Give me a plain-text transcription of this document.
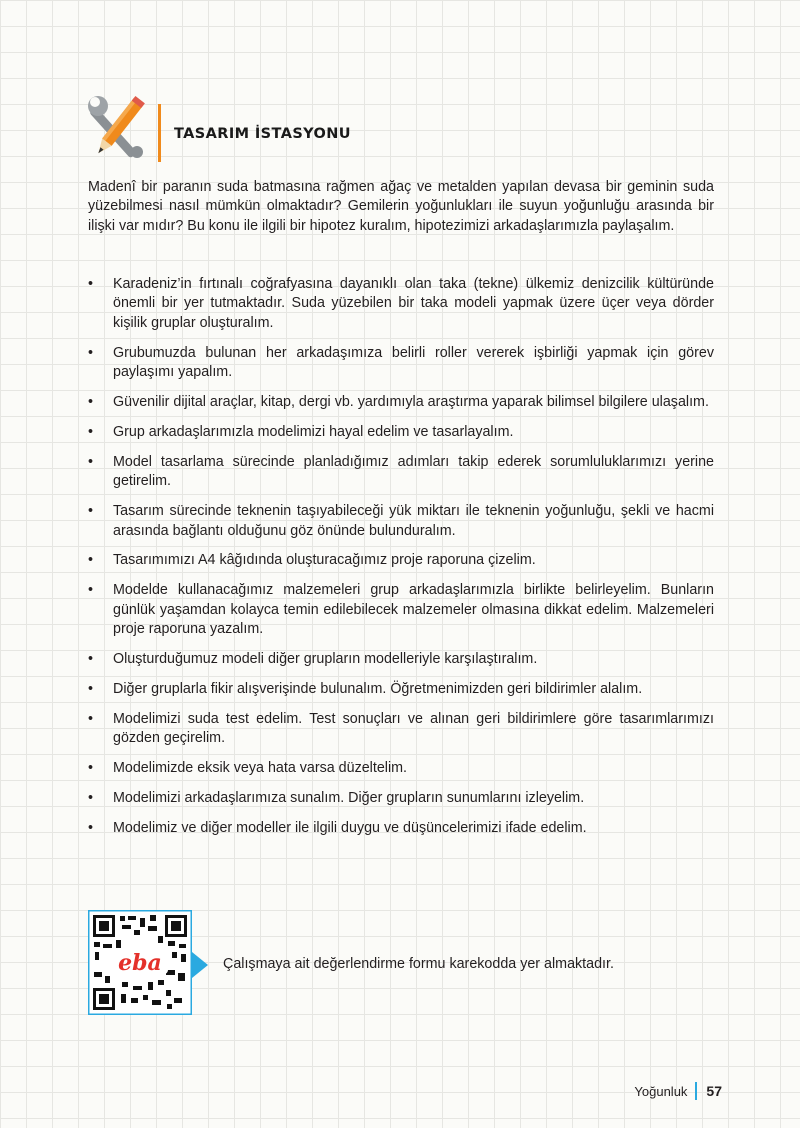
TASARIM İSTASYONU

Madenî bir paranın suda batmasına rağmen ağaç ve metalden yapılan devasa bir geminin suda yüzebilmesi nasıl mümkün olmaktadır? Gemilerin yoğunlukları ile suyun yoğunluğu arasında bir ilişki var mıdır? Bu konu ile ilgili bir hipotez kuralım, hipotezimizi arkadaşlarımızla paylaşalım.

• Karadeniz’in fırtınalı coğrafyasına dayanıklı olan taka (tekne) ülkemiz denizcilik kültüründe önemli bir yer tutmaktadır. Suda yüzebilen bir taka modeli yapmak üzere üçer veya dörder kişilik gruplar oluşturalım.
• Grubumuzda bulunan her arkadaşımıza belirli roller vererek işbirliği yapmak için görev paylaşımı yapalım.
• Güvenilir dijital araçlar, kitap, dergi vb. yardımıyla araştırma yaparak bilimsel bilgilere ulaşalım.
• Grup arkadaşlarımızla modelimizi hayal edelim ve tasarlayalım.
• Model tasarlama sürecinde planladığımız adımları takip ederek sorumluluklarımızı yerine getirelim.
• Tasarım sürecinde teknenin taşıyabileceği yük miktarı ile teknenin yoğunluğu, şekli ve hacmi arasında bağlantı olduğunu göz önünde bulunduralım.
• Tasarımımızı A4 kâğıdında oluşturacağımız proje raporuna çizelim.
• Modelde kullanacağımız malzemeleri grup arkadaşlarımızla birlikte belirleyelim. Bunların günlük yaşamdan kolayca temin edilebilecek malzemeler olmasına dikkat edelim. Malzemeleri proje raporuna yazalım.
• Oluşturduğumuz modeli diğer grupların modelleriyle karşılaştıralım.
• Diğer gruplarla fikir alışverişinde bulunalım. Öğretmenimizden geri bildirimler alalım.
• Modelimizi suda test edelim. Test sonuçları ve alınan geri bildirimlere göre tasarımlarımızı gözden geçirelim.
• Modelimizde eksik veya hata varsa düzeltelim.
• Modelimizi arkadaşlarımıza sunalım. Diğer grupların sunumlarını izleyelim.
• Modelimiz ve diğer modeller ile ilgili duygu ve düşüncelerimizi ifade edelim.
eba	Çalışmaya ait değerlendirme formu karekodda yer almaktadır.

Yoğunluk 57
